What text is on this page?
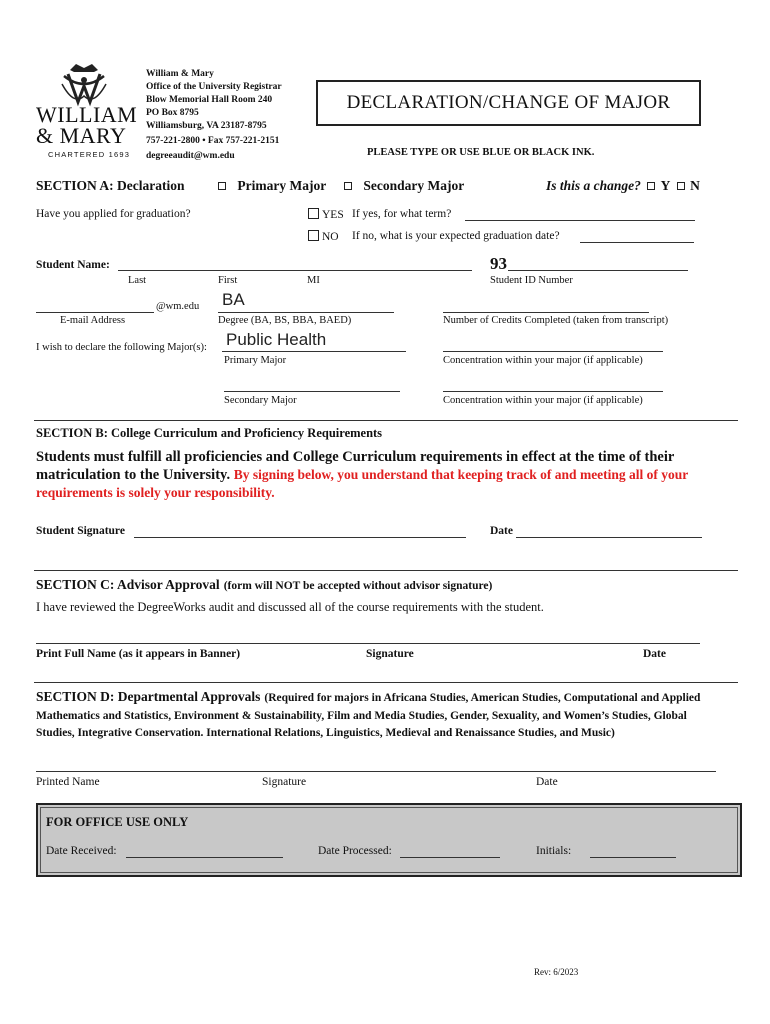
WILLIAM
& MARY
CHARTERED 1693
William & Mary
Office of the University Registrar
Blow Memorial Hall Room 240
PO Box 8795
Williamsburg, VA 23187-8795
757-221-2800 • Fax 757-221-2151
degreeaudit@wm.edu
DECLARATION/CHANGE OF MAJOR
PLEASE TYPE OR USE BLUE OR BLACK INK.
SECTION A: Declaration	Primary Major	Secondary Major	Is this a change? Y N
Have you applied for graduation?	YES If yes, for what term?
NO If no, what is your expected graduation date?
Student Name:
Last	First	MI
93
Student ID Number
@wm.edu
E-mail Address
BA
Degree (BA, BS, BBA, BAED)	Number of Credits Completed (taken from transcript)
I wish to declare the following Major(s): Public Health
Primary Major	Concentration within your major (if applicable)
Secondary Major	Concentration within your major (if applicable)
SECTION B: College Curriculum and Proficiency Requirements
Students must fulfill all proficiencies and College Curriculum requirements in effect at the time of their matriculation to the University. By signing below, you understand that keeping track of and meeting all of your requirements is solely your responsibility.
Student Signature	Date
SECTION C: Advisor Approval (form will NOT be accepted without advisor signature)
I have reviewed the DegreeWorks audit and discussed all of the course requirements with the student.
Print Full Name (as it appears in Banner)	Signature	Date
SECTION D: Departmental Approvals (Required for majors in Africana Studies, American Studies, Computational and Applied Mathematics and Statistics, Environment & Sustainability, Film and Media Studies, Gender, Sexuality, and Women’s Studies, Global Studies, Integrative Conservation. International Relations, Linguistics, Medieval and Renaissance Studies, and Music)
Printed Name	Signature	Date
FOR OFFICE USE ONLY
Date Received:	Date Processed:	Initials:
Rev: 6/2023
